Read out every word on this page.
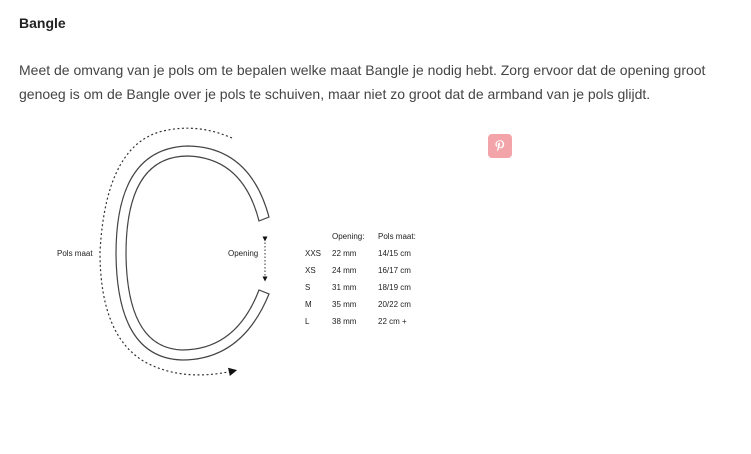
Bangle

Meet de omvang van je pols om te bepalen welke maat Bangle je nodig hebt. Zorg ervoor dat de opening groot genoeg is om de Bangle over je pols te schuiven, maar niet zo groot dat de armband van je pols glijdt.

Pols maat	Opening
	Opening:	Pols maat:
XXS	22 mm	14/15 cm
XS	24 mm	16/17 cm
S	31 mm	18/19 cm
M	35 mm	20/22 cm
L	38 mm	22 cm +
